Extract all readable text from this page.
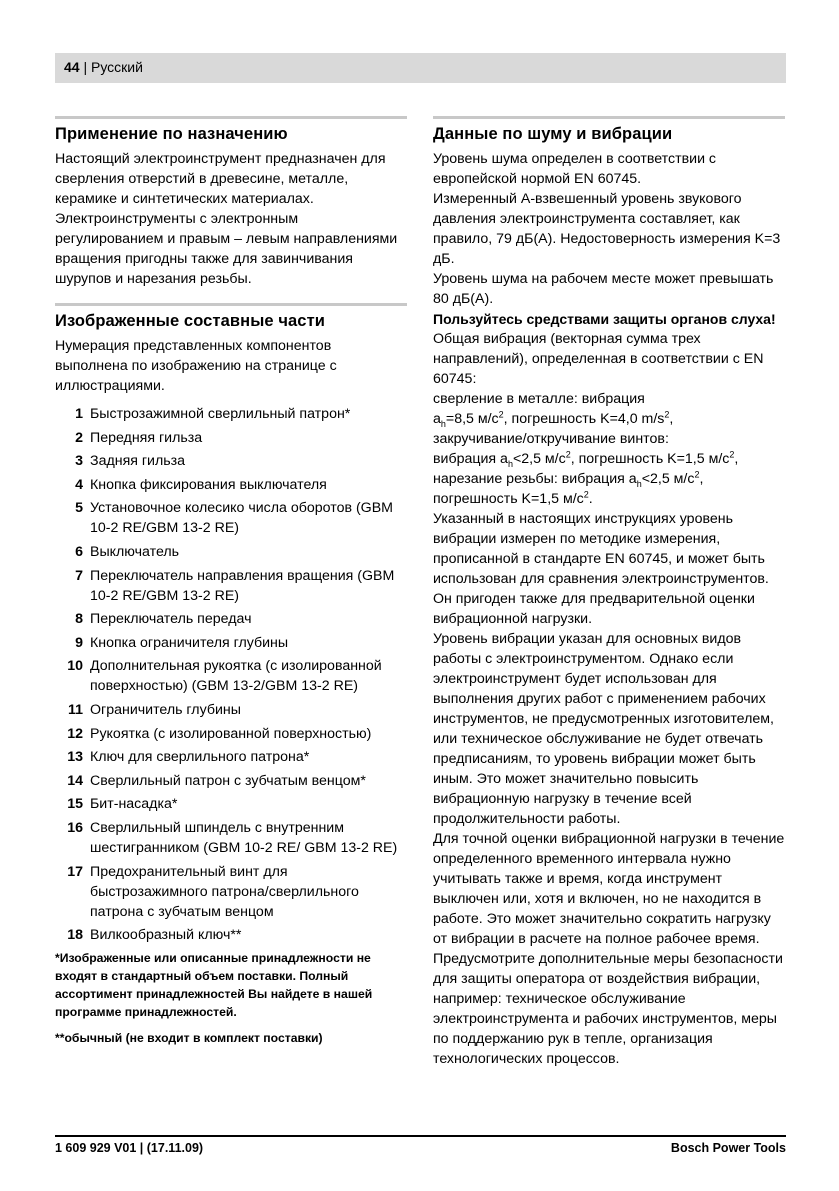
44 | Русский
Применение по назначению

Настоящий электроинструмент предназначен для сверления отверстий в древесине, металле, керамике и синтетических материалах. Электроинструменты с электронным регулированием и правым – левым направлениями вращения пригодны также для завинчивания шурупов и нарезания резьбы.

Изображенные составные части

Нумерация представленных компонентов выполнена по изображению на странице с иллюстрациями.

1 Быстрозажимной сверлильный патрон*
2 Передняя гильза
3 Задняя гильза
4 Кнопка фиксирования выключателя
5 Установочное колесико числа оборотов (GBM 10-2 RE/GBM 13-2 RE)
6 Выключатель
7 Переключатель направления вращения (GBM 10-2 RE/GBM 13-2 RE)
8 Переключатель передач
9 Кнопка ограничителя глубины
10 Дополнительная рукоятка (с изолированной поверхностью) (GBM 13-2/GBM 13-2 RE)
11 Ограничитель глубины
12 Рукоятка (с изолированной поверхностью)
13 Ключ для сверлильного патрона*
14 Сверлильный патрон с зубчатым венцом*
15 Бит-насадка*
16 Сверлильный шпиндель с внутренним шестигранником (GBM 10-2 RE/ GBM 13-2 RE)
17 Предохранительный винт для быстрозажимного патрона/сверлильного патрона с зубчатым венцом
18 Вилкообразный ключ**
*Изображенные или описанные принадлежности не входят в стандартный объем поставки. Полный ассортимент принадлежностей Вы найдете в нашей программе принадлежностей.
**обычный (не входит в комплект поставки)
Данные по шуму и вибрации

Уровень шума определен в соответствии с европейской нормой EN 60745.

Измеренный А-взвешенный уровень звукового давления электроинструмента составляет, как правило, 79 дБ(A). Недостоверность измерения K=3 дБ.

Уровень шума на рабочем месте может превышать 80 дБ(A).

Пользуйтесь средствами защиты органов слуха!

Общая вибрация (векторная сумма трех направлений), определенная в соответствии с EN 60745:

сверление в металле: вибрация
$a_h=8,5$ $м/с^2$, погрешность K=4,0 $m/s^2$,
закручивание/откручивание винтов:
вибрация $a_h<2,5$ $м/с^2$, погрешность K=1,5 $м/с^2$,
нарезание резьбы: вибрация $a_h<2,5$ $м/с^2$,
погрешность K=1,5 $м/с^2$.

Указанный в настоящих инструкциях уровень вибрации измерен по методике измерения, прописанной в стандарте EN 60745, и может быть использован для сравнения электроинструментов. Он пригоден также для предварительной оценки вибрационной нагрузки.

Уровень вибрации указан для основных видов работы с электроинструментом. Однако если электроинструмент будет использован для выполнения других работ с применением рабочих инструментов, не предусмотренных изготовителем, или техническое обслуживание не будет отвечать предписаниям, то уровень вибрации может быть иным. Это может значительно повысить вибрационную нагрузку в течение всей продолжительности работы.

Для точной оценки вибрационной нагрузки в течение определенного временного интервала нужно учитывать также и время, когда инструмент выключен или, хотя и включен, но не находится в работе. Это может значительно сократить нагрузку от вибрации в расчете на полное рабочее время.

Предусмотрите дополнительные меры безопасности для защиты оператора от воздействия вибрации, например: техническое обслуживание электроинструмента и рабочих инструментов, меры по поддержанию рук в тепле, организация технологических процессов.

1 609 929 V01 | (17.11.09)	Bosch Power Tools
